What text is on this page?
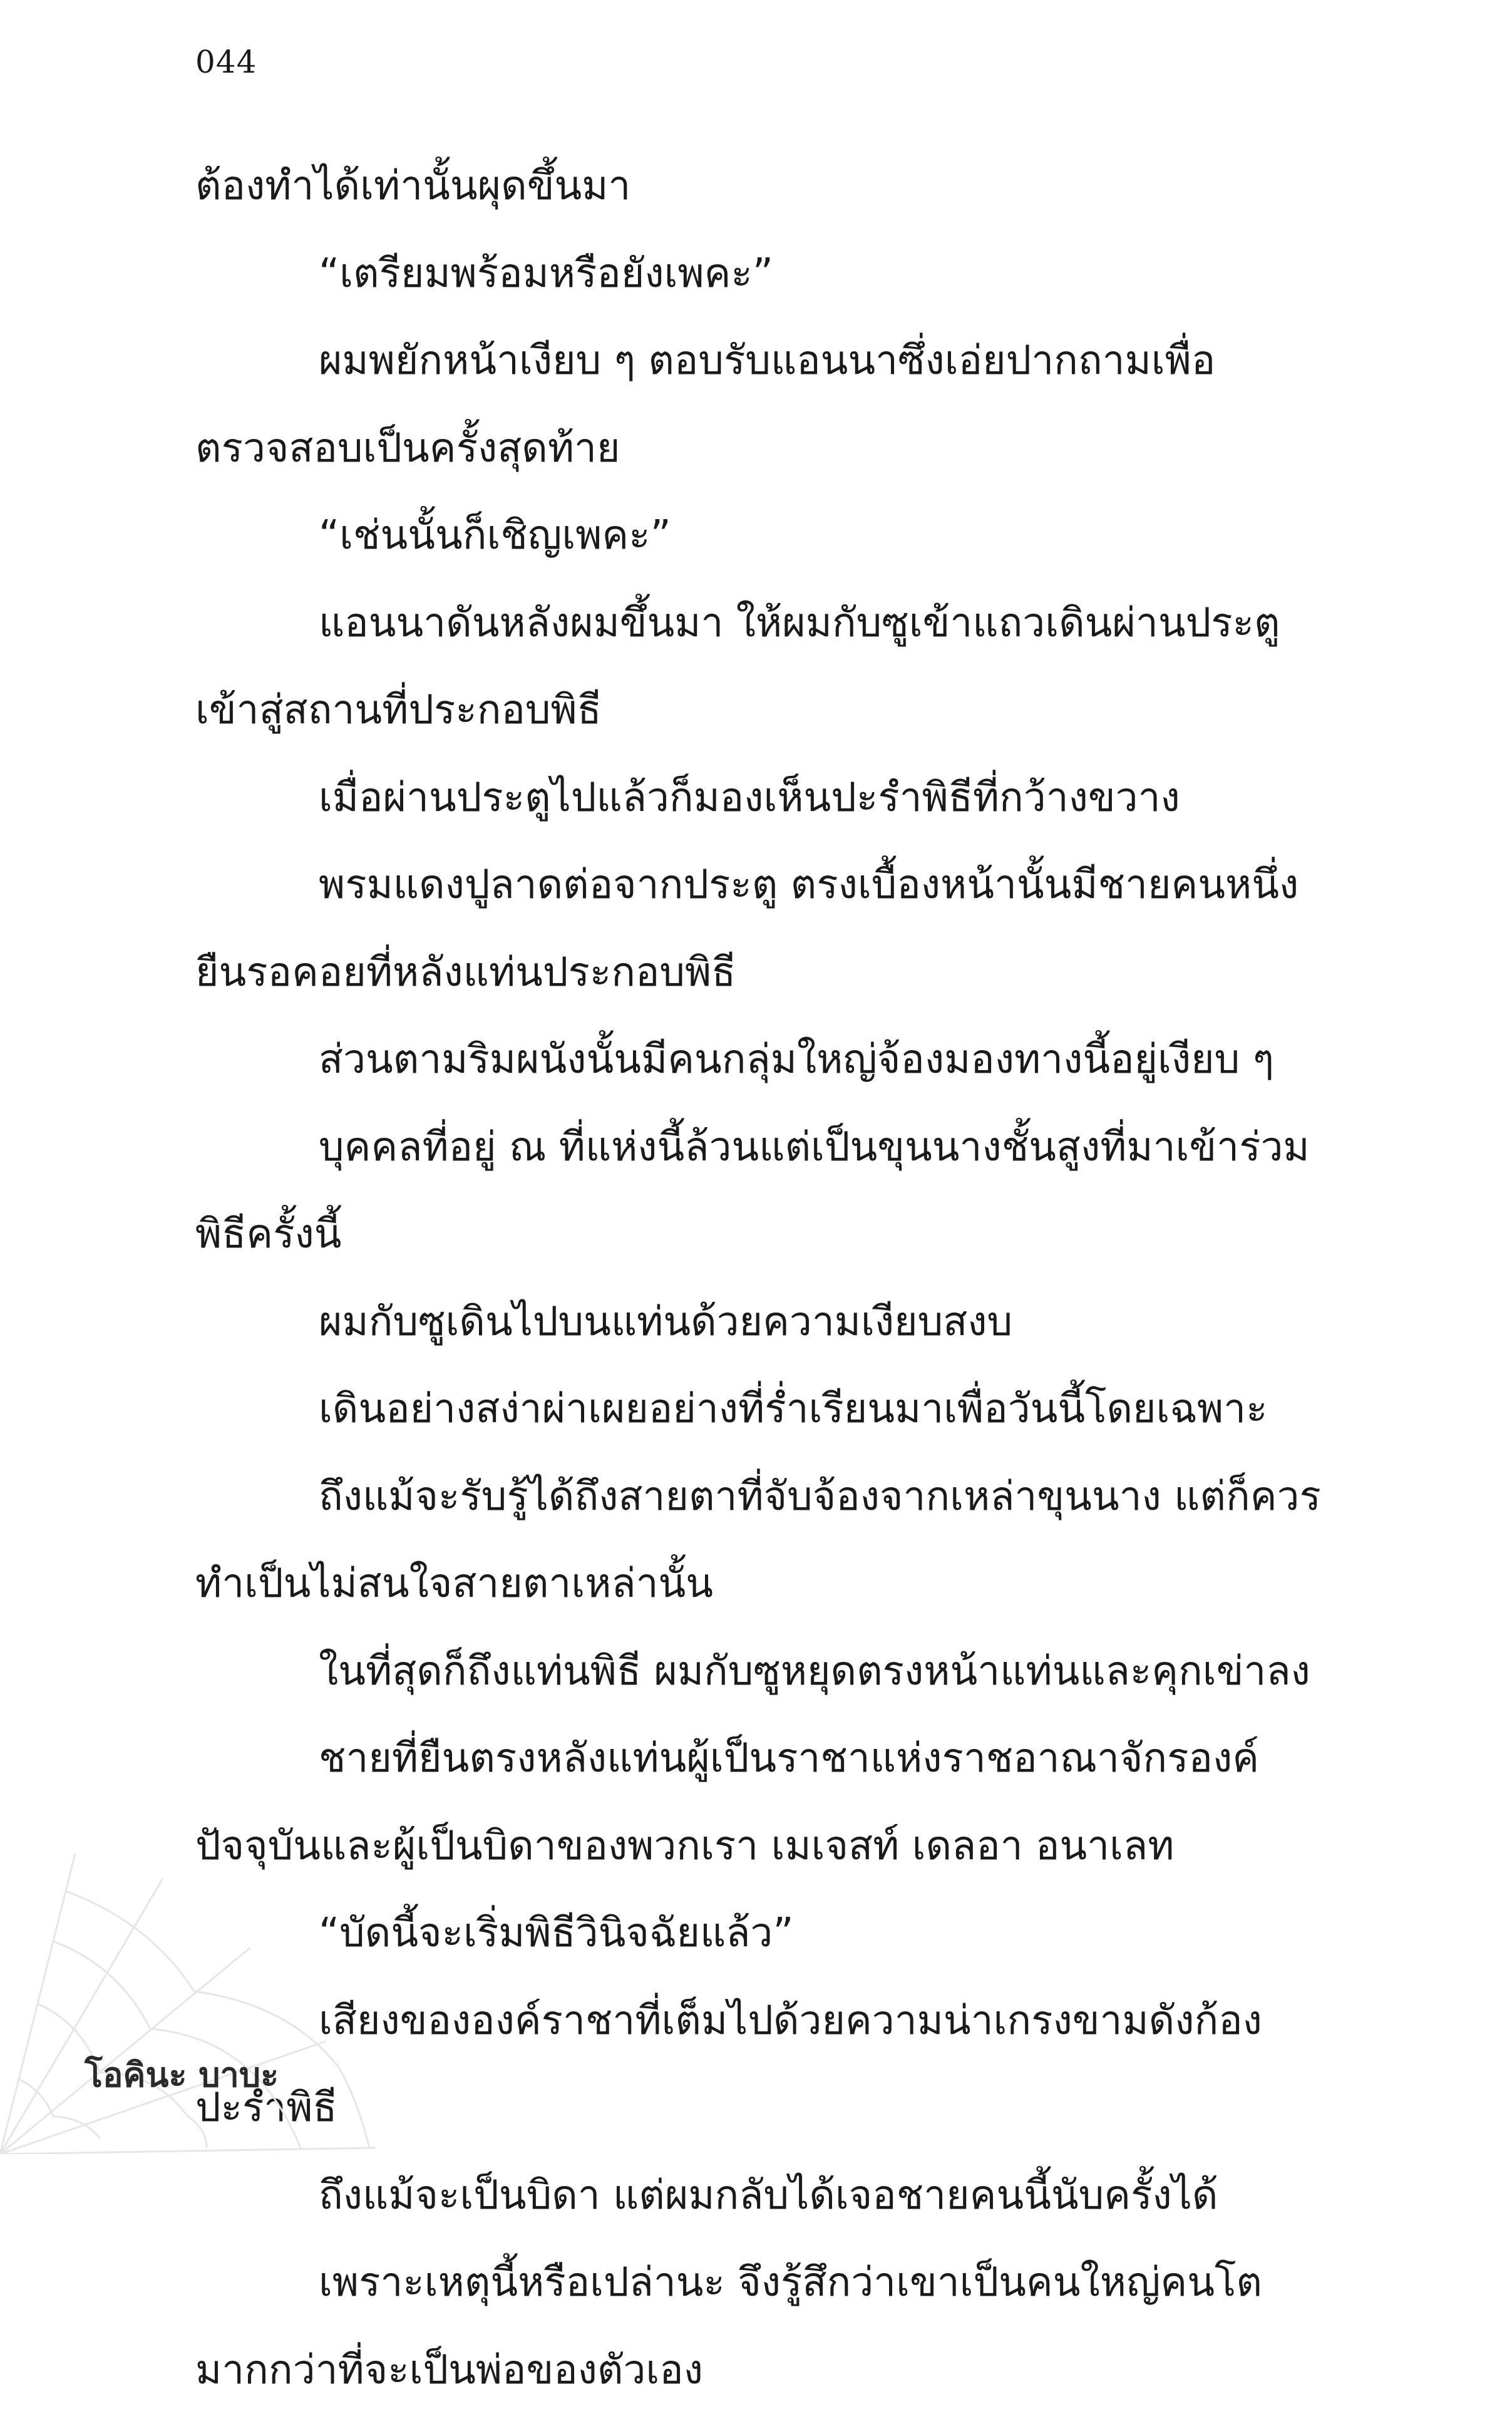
044
ต้องทำได้เท่านั้นผุดขึ้นมา
“เตรียมพร้อมหรือยังเพคะ”
ผมพยักหน้าเงียบ ๆ ตอบรับแอนนาซึ่งเอ่ยปากถามเพื่อ
ตรวจสอบเป็นครั้งสุดท้าย
“เช่นนั้นก็เชิญเพคะ”
แอนนาดันหลังผมขึ้นมา ให้ผมกับซูเข้าแถวเดินผ่านประตู
เข้าสู่สถานที่ประกอบพิธี
เมื่อผ่านประตูไปแล้วก็มองเห็นปะรำพิธีที่กว้างขวาง
พรมแดงปูลาดต่อจากประตู ตรงเบื้องหน้านั้นมีชายคนหนึ่ง
ยืนรอคอยที่หลังแท่นประกอบพิธี
ส่วนตามริมผนังนั้นมีคนกลุ่มใหญ่จ้องมองทางนี้อยู่เงียบ ๆ
บุคคลที่อยู่ ณ ที่แห่งนี้ล้วนแต่เป็นขุนนางชั้นสูงที่มาเข้าร่วม
พิธีครั้งนี้
ผมกับซูเดินไปบนแท่นด้วยความเงียบสงบ
เดินอย่างสง่าผ่าเผยอย่างที่ร่ำเรียนมาเพื่อวันนี้โดยเฉพาะ
ถึงแม้จะรับรู้ได้ถึงสายตาที่จับจ้องจากเหล่าขุนนาง แต่ก็ควร
ทำเป็นไม่สนใจสายตาเหล่านั้น
ในที่สุดก็ถึงแท่นพิธี ผมกับซูหยุดตรงหน้าแท่นและคุกเข่าลง
ชายที่ยืนตรงหลังแท่นผู้เป็นราชาแห่งราชอาณาจักรองค์
ปัจจุบันและผู้เป็นบิดาของพวกเรา เมเจสท์ เดลอา อนาเลท
“บัดนี้จะเริ่มพิธีวินิจฉัยแล้ว”
เสียงขององค์ราชาที่เต็มไปด้วยความน่าเกรงขามดังก้อง
ปะรำพิธี
ถึงแม้จะเป็นบิดา แต่ผมกลับได้เจอชายคนนี้นับครั้งได้
เพราะเหตุนี้หรือเปล่านะ จึงรู้สึกว่าเขาเป็นคนใหญ่คนโต
มากกว่าที่จะเป็นพ่อของตัวเอง
โอคินะ บาบะ
